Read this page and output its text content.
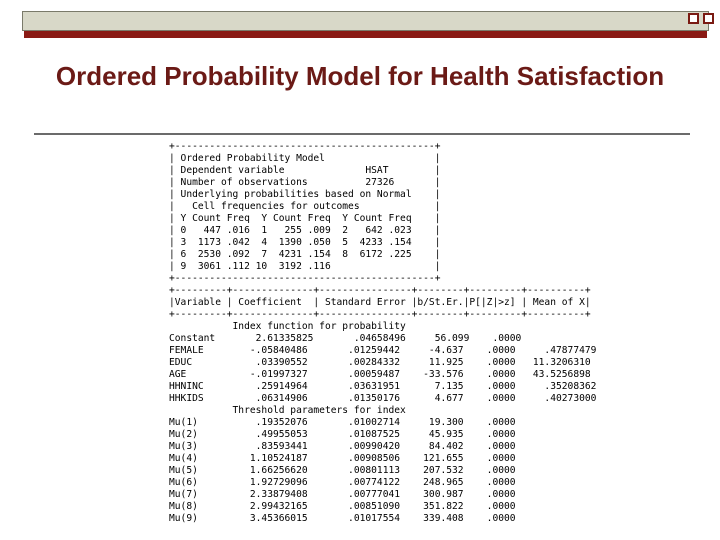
Ordered Probability Model for Health Satisfaction
+---------------------------------------------+
| Ordered Probability Model                   |
| Dependent variable              HSAT        |
| Number of observations          27326       |
| Underlying probabilities based on Normal    |
|   Cell frequencies for outcomes             |
| Y Count Freq  Y Count Freq  Y Count Freq    |
| 0   447 .016  1   255 .009  2   642 .023    |
| 3  1173 .042  4  1390 .050  5  4233 .154    |
| 6  2530 .092  7  4231 .154  8  6172 .225    |
| 9  3061 .112 10  3192 .116                  |
+---------------------------------------------+
+---------+--------------+----------------+--------+---------+----------+
|Variable | Coefficient  | Standard Error |b/St.Er.|P[|Z|>z] | Mean of X|
+---------+--------------+----------------+--------+---------+----------+
Index function for probability
Constant       2.61335825       .04658496     56.099    .0000
FEMALE        -.05840486       .01259442     -4.637    .0000     .47877479
EDUC           .03390552       .00284332     11.925    .0000   11.3206310
AGE           -.01997327       .00059487    -33.576    .0000   43.5256898
HHNINC         .25914964       .03631951      7.135    .0000     .35208362
HHKIDS         .06314906       .01350176      4.677    .0000     .40273000
Threshold parameters for index
Mu(1)          .19352076       .01002714     19.300    .0000
Mu(2)          .49955053       .01087525     45.935    .0000
Mu(3)          .83593441       .00990420     84.402    .0000
Mu(4)         1.10524187       .00908506    121.655    .0000
Mu(5)         1.66256620       .00801113    207.532    .0000
Mu(6)         1.92729096       .00774122    248.965    .0000
Mu(7)         2.33879408       .00777041    300.987    .0000
Mu(8)         2.99432165       .00851090    351.822    .0000
Mu(9)         3.45366015       .01017554    339.408    .0000
